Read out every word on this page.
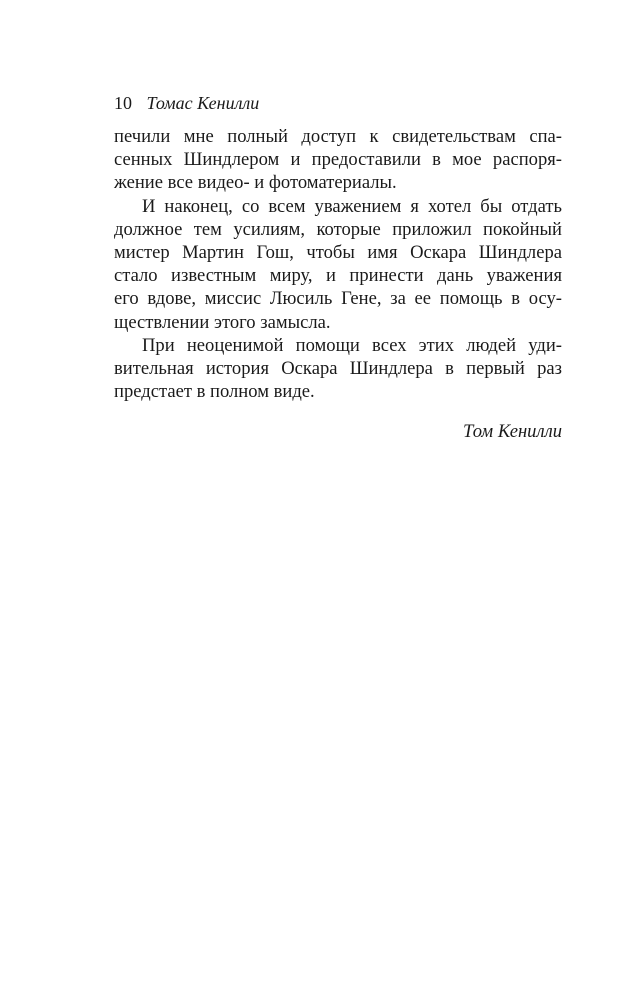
10 Томас Кенилли
печили мне полный доступ к свидетельствам спа-
сенных Шиндлером и предоставили в мое распоря-
жение все видео- и фотоматериалы.
И наконец, со всем уважением я хотел бы отдать
должное тем усилиям, которые приложил покойный
мистер Мартин Гош, чтобы имя Оскара Шиндлера
стало известным миру, и принести дань уважения
его вдове, миссис Люсиль Гене, за ее помощь в осу-
ществлении этого замысла.
При неоценимой помощи всех этих людей уди-
вительная история Оскара Шиндлера в первый раз
предстает в полном виде.
Том Кенилли
